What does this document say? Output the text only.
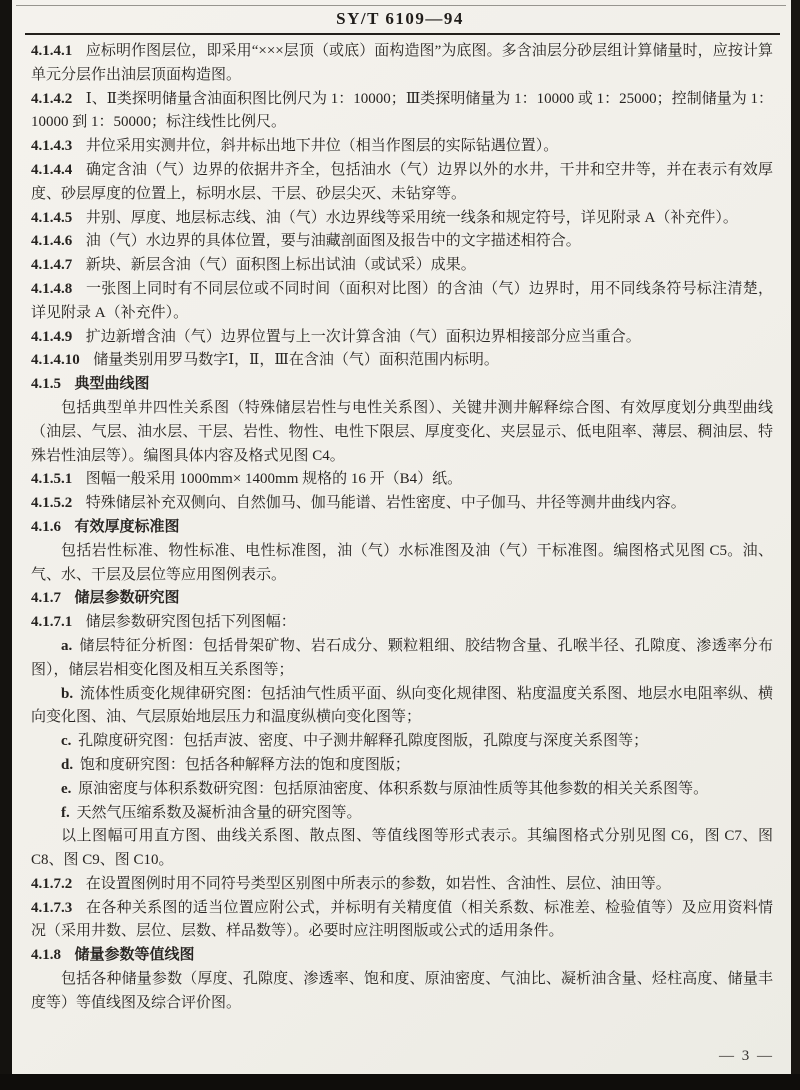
SY/T 6109—94

4.1.4.1 应标明作图层位，即采用“×××层顶（或底）面构造图”为底图。多含油层分砂层组计算储量时，应按计算单元分层作出油层顶面构造图。

4.1.4.2 Ⅰ、Ⅱ类探明储量含油面积图比例尺为 1：10000；Ⅲ类探明储量为 1：10000 或 1：25000；控制储量为 1：10000 到 1：50000；标注线性比例尺。

4.1.4.3 井位采用实测井位，斜井标出地下井位（相当作图层的实际钻遇位置）。

4.1.4.4 确定含油（气）边界的依据井齐全，包括油水（气）边界以外的水井，干井和空井等，并在表示有效厚度、砂层厚度的位置上，标明水层、干层、砂层尖灭、未钻穿等。

4.1.4.5 井别、厚度、地层标志线、油（气）水边界线等采用统一线条和规定符号，详见附录 A（补充件）。

4.1.4.6 油（气）水边界的具体位置，要与油藏剖面图及报告中的文字描述相符合。

4.1.4.7 新块、新层含油（气）面积图上标出试油（或试采）成果。

4.1.4.8 一张图上同时有不同层位或不同时间（面积对比图）的含油（气）边界时，用不同线条符号标注清楚，详见附录 A（补充件）。

4.1.4.9 扩边新增含油（气）边界位置与上一次计算含油（气）面积边界相接部分应当重合。

4.1.4.10 储量类别用罗马数字Ⅰ，Ⅱ，Ⅲ在含油（气）面积范围内标明。

4.1.5 典型曲线图

包括典型单井四性关系图（特殊储层岩性与电性关系图）、关键井测井解释综合图、有效厚度划分典型曲线（油层、气层、油水层、干层、岩性、物性、电性下限层、厚度变化、夹层显示、低电阻率、薄层、稠油层、特殊岩性油层等）。编图具体内容及格式见图 C4。

4.1.5.1 图幅一般采用 1000mm× 1400mm 规格的 16 开（B4）纸。

4.1.5.2 特殊储层补充双侧向、自然伽马、伽马能谱、岩性密度、中子伽马、井径等测井曲线内容。

4.1.6 有效厚度标准图

包括岩性标准、物性标准、电性标准图，油（气）水标准图及油（气）干标准图。编图格式见图 C5。油、气、水、干层及层位等应用图例表示。

4.1.7 储层参数研究图

4.1.7.1 储层参数研究图包括下列图幅：

a. 储层特征分析图：包括骨架矿物、岩石成分、颗粒粗细、胶结物含量、孔喉半径、孔隙度、渗透率分布图），储层岩相变化图及相互关系图等；

b. 流体性质变化规律研究图：包括油气性质平面、纵向变化规律图、粘度温度关系图、地层水电阻率纵、横向变化图、油、气层原始地层压力和温度纵横向变化图等；

c. 孔隙度研究图：包括声波、密度、中子测井解释孔隙度图版，孔隙度与深度关系图等；

d. 饱和度研究图：包括各种解释方法的饱和度图版；

e. 原油密度与体积系数研究图：包括原油密度、体积系数与原油性质等其他参数的相关关系图等。

f. 天然气压缩系数及凝析油含量的研究图等。

以上图幅可用直方图、曲线关系图、散点图、等值线图等形式表示。其编图格式分别见图 C6，图 C7、图 C8、图 C9、图 C10。

4.1.7.2 在设置图例时用不同符号类型区别图中所表示的参数，如岩性、含油性、层位、油田等。

4.1.7.3 在各种关系图的适当位置应附公式，并标明有关精度值（相关系数、标准差、检验值等）及应用资料情况（采用井数、层位、层数、样品数等）。必要时应注明图版或公式的适用条件。

4.1.8 储量参数等值线图

包括各种储量参数（厚度、孔隙度、渗透率、饱和度、原油密度、气油比、凝析油含量、烃柱高度、储量丰度等）等值线图及综合评价图。

— 3 —
